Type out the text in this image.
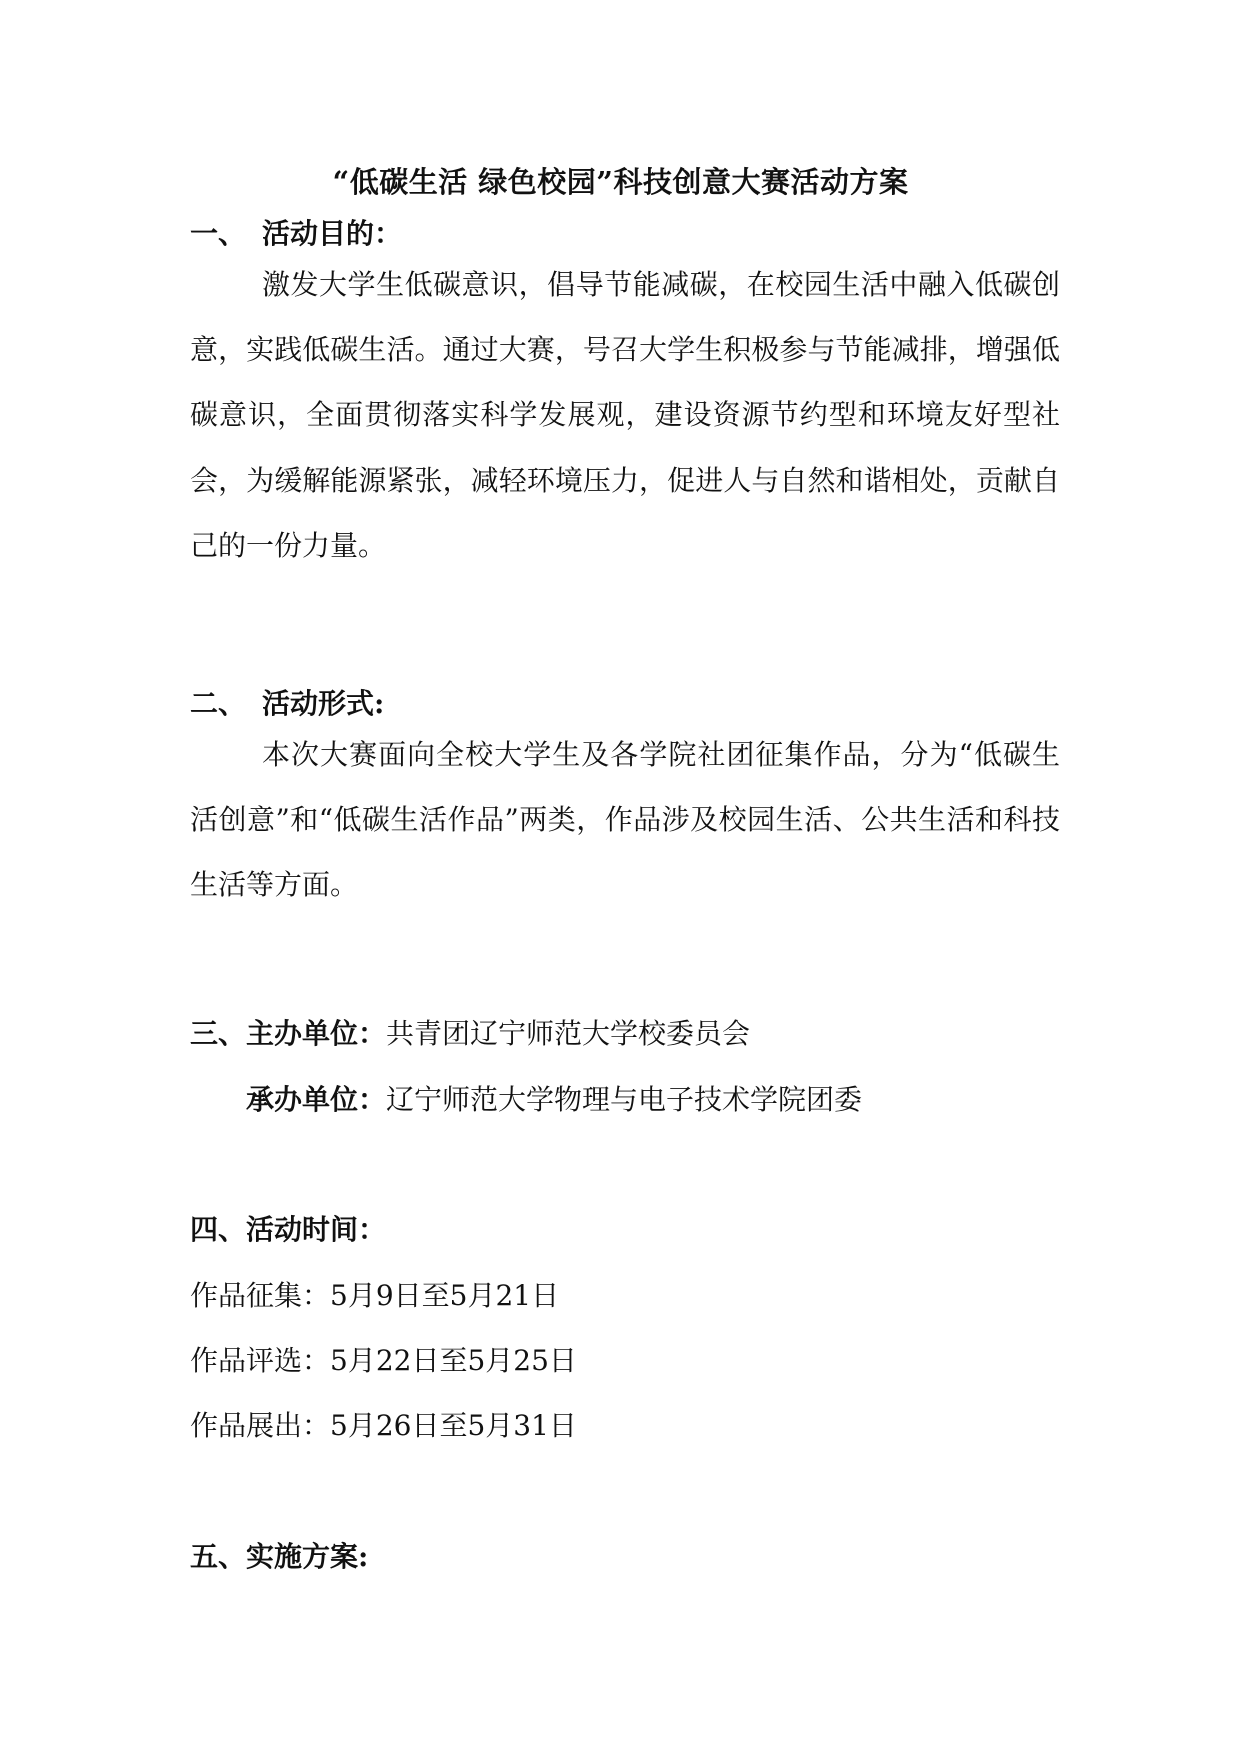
“低碳生活 绿色校园”科技创意大赛活动方案
一、 活动目的：

激发大学生低碳意识，倡导节能减碳，在校园生活中融入低碳创意，实践低碳生活。通过大赛，号召大学生积极参与节能减排，增强低碳意识，全面贯彻落实科学发展观，建设资源节约型和环境友好型社会，为缓解能源紧张，减轻环境压力，促进人与自然和谐相处，贡献自己的一份力量。

二、 活动形式:

本次大赛面向全校大学生及各学院社团征集作品，分为“低碳生活创意”和“低碳生活作品”两类，作品涉及校园生活、公共生活和科技生活等方面。

三、主办单位：共青团辽宁师范大学校委员会
承办单位：辽宁师范大学物理与电子技术学院团委
四、活动时间：
作品征集：5月9日至5月21日
作品评选：5月22日至5月25日
作品展出：5月26日至5月31日
五、实施方案:
